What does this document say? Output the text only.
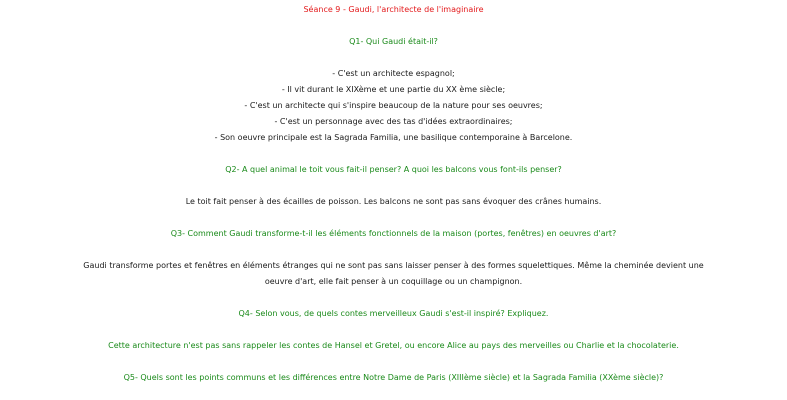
Séance 9 - Gaudi, l'architecte de l'imaginaire
Q1- Qui Gaudi était-il?
- C'est un architecte espagnol;
- Il vit durant le XIXème et une partie du XX ème siècle;
- C'est un architecte qui s'inspire beaucoup de la nature pour ses oeuvres;
- C'est un personnage avec des tas d'idées extraordinaires;
- Son oeuvre principale est la Sagrada Familia, une basilique contemporaine à Barcelone.
Q2- A quel animal le toit vous fait-il penser? A quoi les balcons vous font-ils penser?
Le toit fait penser à des écailles de poisson. Les balcons ne sont pas sans évoquer des crânes humains.
Q3- Comment Gaudi transforme-t-il les éléments fonctionnels de la maison (portes, fenêtres) en oeuvres d'art?
Gaudi transforme portes et fenêtres en éléments étranges qui ne sont pas sans laisser penser à des formes squelettiques. Même la cheminée devient une
oeuvre d'art, elle fait penser à un coquillage ou un champignon.
Q4- Selon vous, de quels contes merveilleux Gaudi s'est-il inspiré? Expliquez.
Cette architecture n'est pas sans rappeler les contes de Hansel et Gretel, ou encore Alice au pays des merveilles ou Charlie et la chocolaterie.
Q5- Quels sont les points communs et les différences entre Notre Dame de Paris (XIIIème siècle) et la Sagrada Familia (XXème siècle)?
